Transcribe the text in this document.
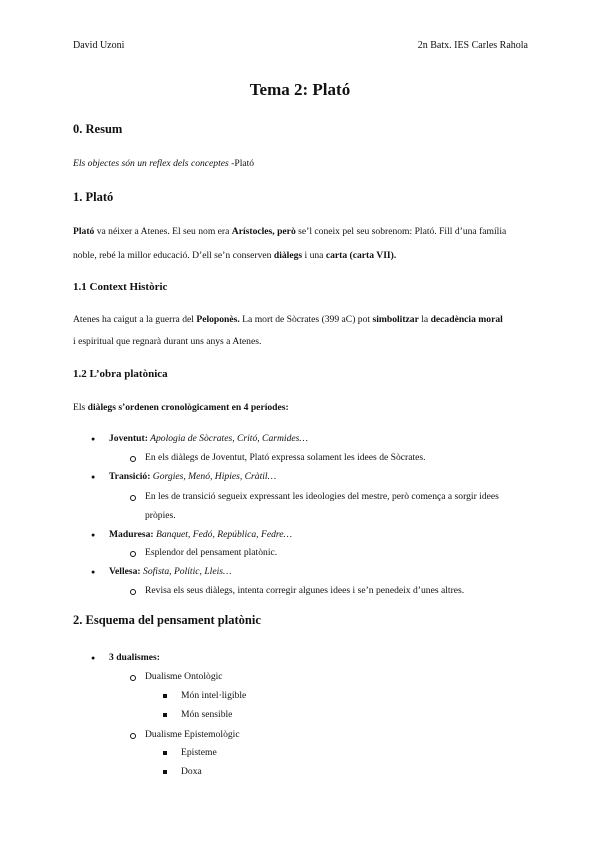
David Uzoni	2n Batx. IES Carles Rahola
Tema 2: Plató
0. Resum
Els objectes són un reflex dels conceptes -Plató
1. Plató
Plató va néixer a Atenes. El seu nom era Arístocles, però se’l coneix pel seu sobrenom: Plató. Fill d’una família
noble, rebé la millor educació. D’ell se’n conserven diàlegs i una carta (carta VII).
1.1 Context Històric
Atenes ha caigut a la guerra del Peloponès. La mort de Sòcrates (399 aC) pot simbolitzar la decadència moral
i espiritual que regnarà durant uns anys a Atenes.
1.2 L’obra platònica
Els diàlegs s’ordenen cronològicament en 4 períodes:
● Joventut: Apologia de Sòcrates, Critó, Carmides…
En els diàlegs de Joventut, Plató expressa solament les idees de Sòcrates.
● Transició: Gorgies, Menó, Hipies, Cràtil…
En les de transició segueix expressant les ideologies del mestre, però comença a sorgir idees
pròpies.
● Maduresa: Banquet, Fedó, República, Fedre…
Esplendor del pensament platònic.
● Vellesa: Sofista, Polític, Lleis…
Revisa els seus diàlegs, intenta corregir algunes idees i se’n penedeix d’unes altres.
2. Esquema del pensament platònic
● 3 dualismes:
Dualisme Ontològic
Món intel·ligible
Món sensible
Dualisme Epistemològic
Episteme
Doxa
